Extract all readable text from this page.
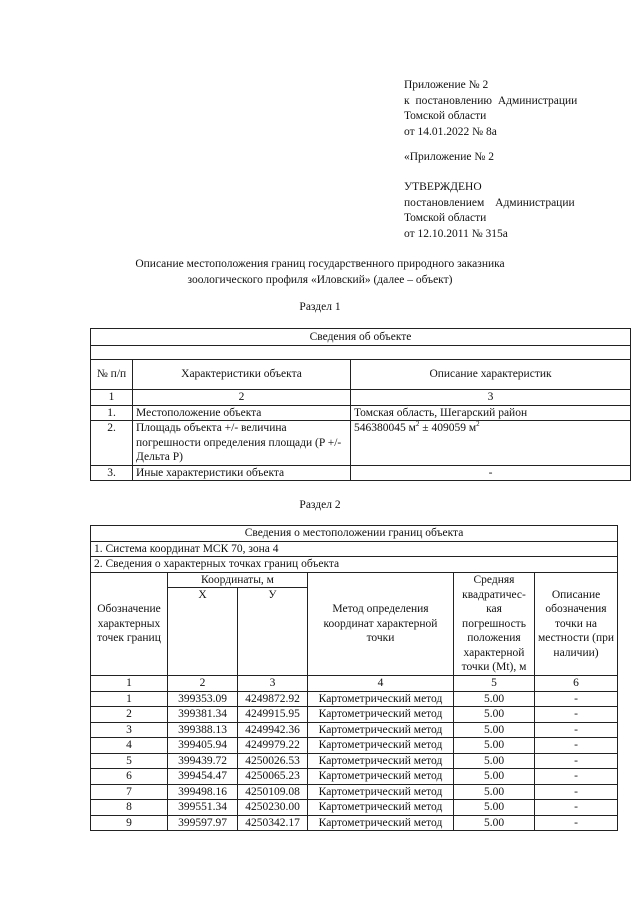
Приложение № 2
к постановлению Администрации
Томской области
от 14.01.2022 № 8а
«Приложение № 2
УТВЕРЖДЕНО
постановлением Администрации
Томской области
от 12.10.2011 № 315а
Описание местоположения границ государственного природного заказника
зоологического профиля «Иловский» (далее – объект)
Раздел 1
Сведения об объекте		

№ п/п	Характеристики объекта	Описание характеристик
1	2	3
1.	Местоположение объекта	Томская область, Шегарский район
2.	Площадь объекта +/- величина погрешности определения площади (P +/- Дельта P)	546380045 $м^2 \pm 409059$ $м^2$
3.	Иные характеристики объекта	-
Раздел 2
Сведения о местоположении границ объекта					
1. Система координат МСК 70, зона 4					
2. Сведения о характерных точках границ объекта					
Обозначение характерных точек границ	Координаты, м		Метод определения координат характерной точки	Средняя квадратичес-кая погрешность положения характерной точки (Mt), м	Описание обозначения точки на местности (при наличии)
	X	У			
1	2	3	4	5	6
1	399353.09	4249872.92	Картометрический метод	5.00	-
2	399381.34	4249915.95	Картометрический метод	5.00	-
3	399388.13	4249942.36	Картометрический метод	5.00	-
4	399405.94	4249979.22	Картометрический метод	5.00	-
5	399439.72	4250026.53	Картометрический метод	5.00	-
6	399454.47	4250065.23	Картометрический метод	5.00	-
7	399498.16	4250109.08	Картометрический метод	5.00	-
8	399551.34	4250230.00	Картометрический метод	5.00	-
9	399597.97	4250342.17	Картометрический метод	5.00	-
